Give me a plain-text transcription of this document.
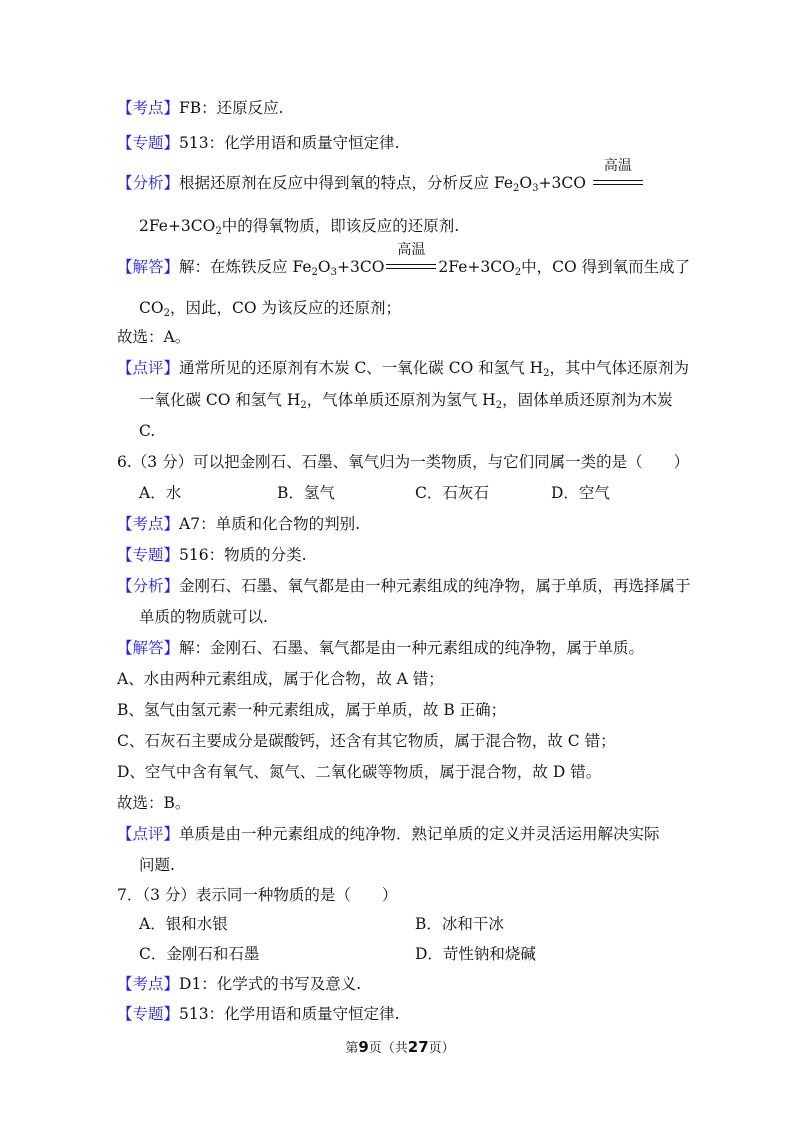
【考点】FB：还原反应.
【专题】513：化学用语和质量守恒定律.
【分析】根据还原剂在反应中得到氧的特点，分析反应 $Fe_2O_3+3CO$
高温
$2Fe+3CO_2$中的得氧物质，即该反应的还原剂.
【解答】解：在炼铁反应 $Fe_2O_3+3CO$
高温
$2Fe+3CO_2$中，CO 得到氧而生成了
$CO_2$，因此，CO 为该反应的还原剂；
故选：A。
【点评】通常所见的还原剂有木炭 C、一氧化碳 CO 和氢气 $H_2$，其中气体还原剂为
一氧化碳 CO 和氢气 $H_2$，气体单质还原剂为氢气 $H_2$，固体单质还原剂为木炭
C.
6.（3 分）可以把金刚石、石墨、氧气归为一类物质，与它们同属一类的是（　　）
A．水	B．氢气	C．石灰石	D．空气
【考点】A7：单质和化合物的判别.
【专题】516：物质的分类.
【分析】金刚石、石墨、氧气都是由一种元素组成的纯净物，属于单质，再选择属于
单质的物质就可以.
【解答】解：金刚石、石墨、氧气都是由一种元素组成的纯净物，属于单质。
A、水由两种元素组成，属于化合物，故 A 错；
B、氢气由氢元素一种元素组成，属于单质，故 B 正确；
C、石灰石主要成分是碳酸钙，还含有其它物质，属于混合物，故 C 错；
D、空气中含有氧气、氮气、二氧化碳等物质，属于混合物，故 D 错。
故选：B。
【点评】单质是由一种元素组成的纯净物．熟记单质的定义并灵活运用解决实际
问题.
7．（3 分）表示同一种物质的是（　　）
A．银和水银	B．冰和干冰
C．金刚石和石墨	D．苛性钠和烧碱
【考点】D1：化学式的书写及意义.
【专题】513：化学用语和质量守恒定律.
第9页（共27页）
